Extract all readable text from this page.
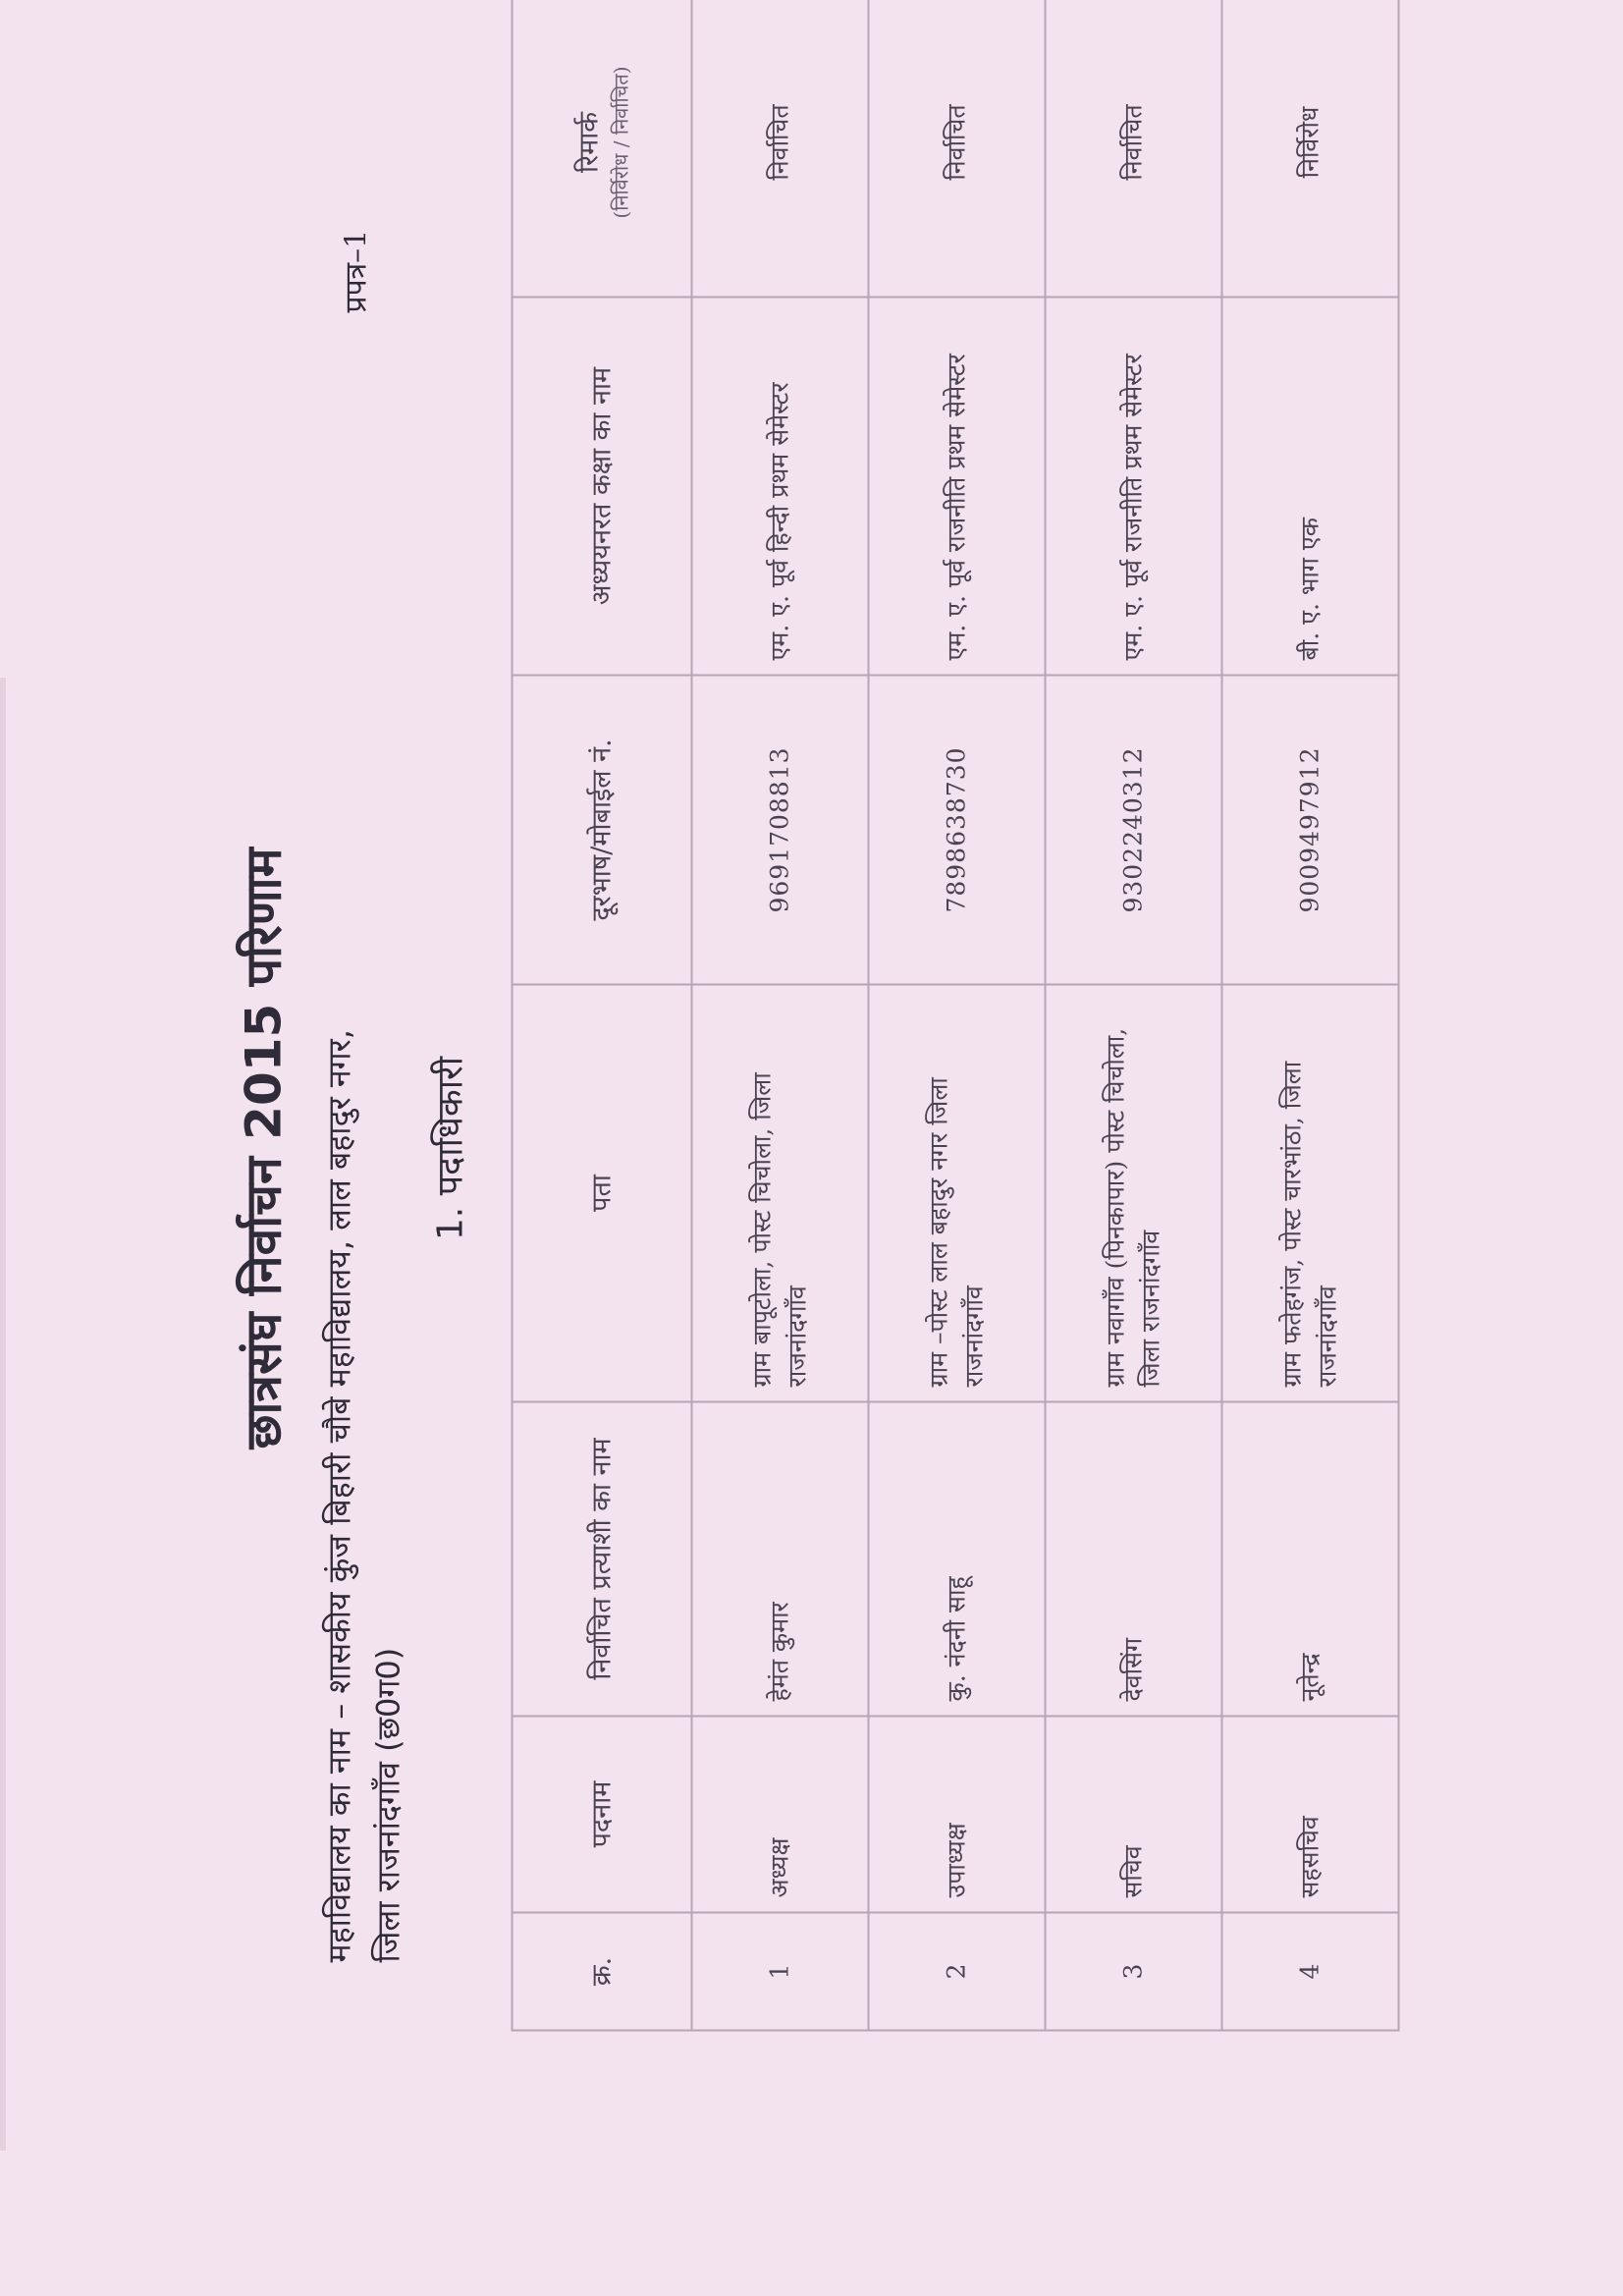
प्रपत्र–1
छात्रसंघ निर्वाचन 2015 परिणाम महाविद्यालय का नाम – शासकीय कुंज बिहारी चौबे महाविद्यालय, लाल बहादुर नगर, जिला राजनांदगाँव (छ0ग0)
1. पदाधिकारी
क्र.	पदनाम	निर्वाचित प्रत्याशी का नाम	पता	दूरभाष/मोबाईल नं.	अध्ययनरत कक्षा का नाम	रिमार्क (निर्विरोध / निर्वाचित)

1	अध्यक्ष	हेमंत कुमार	ग्राम बापूटोला, पोस्ट चिचोला, जिला राजनांदगाँव	9691708813	एम. ए. पूर्व हिन्दी प्रथम सेमेस्टर	निर्वाचित
2	उपाध्यक्ष	कु. नंदनी साहू	ग्राम –पोस्ट लाल बहादुर नगर जिला राजनांदगाँव	7898638730	एम. ए. पूर्व राजनीति प्रथम सेमेस्टर	निर्वाचित
3	सचिव	देवसिंग	ग्राम नवागाँव (पिनकापार) पोस्ट चिचोला, जिला राजनांदगाँव	9302240312	एम. ए. पूर्व राजनीति प्रथम सेमेस्टर	निर्वाचित
4	सहसचिव	नूतेन्द्र	ग्राम फतेहगंज, पोस्ट चारभांठा, जिला राजनांदगाँव	9009497912	बी. ए. भाग एक	निर्विरोध
